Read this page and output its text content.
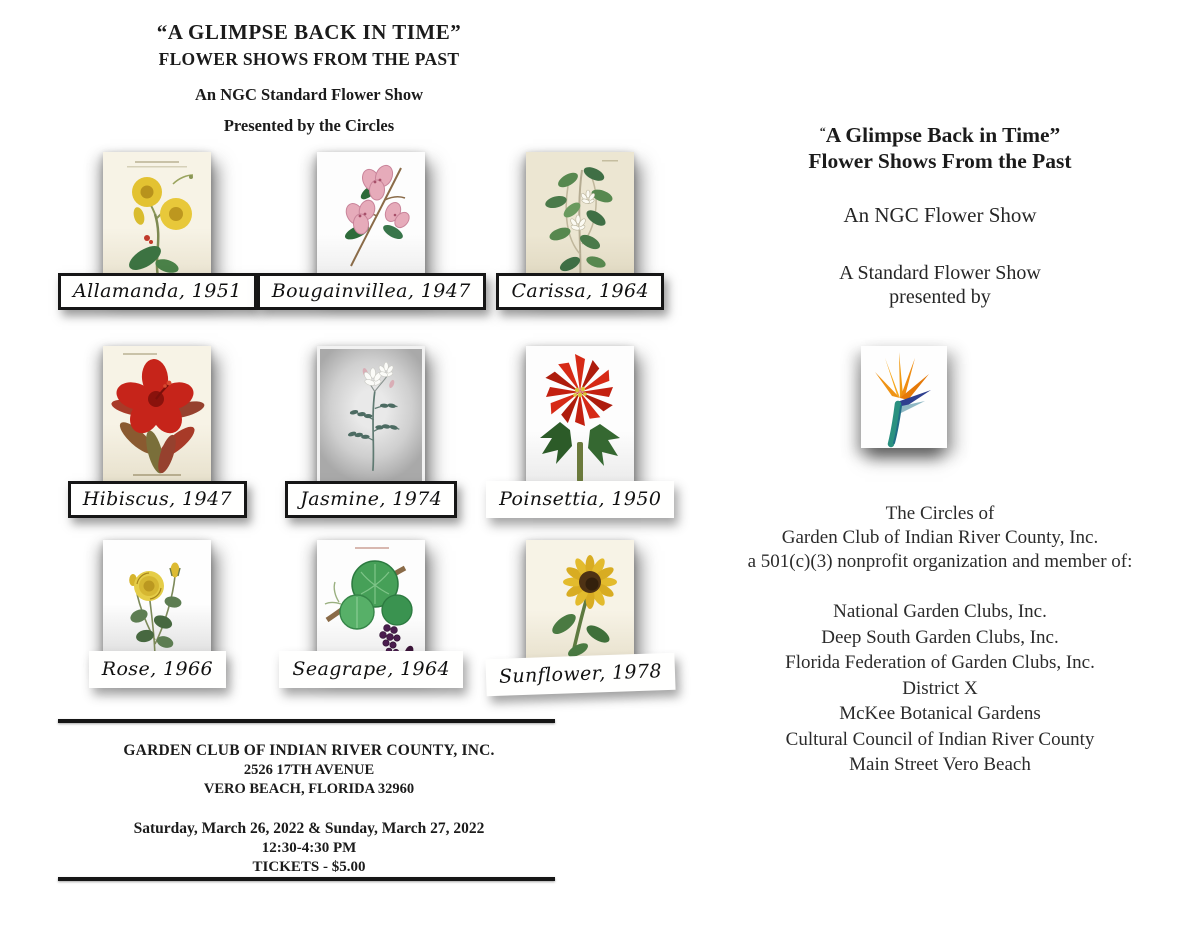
“A GLIMPSE BACK IN TIME”
FLOWER SHOWS FROM THE PAST
An NGC Standard Flower Show
Presented by the Circles
Allamanda, 1951	Bougainvillea, 1947	Carissa, 1964
Hibiscus, 1947	Jasmine, 1974	Poinsettia, 1950
Rose, 1966	Seagrape, 1964	Sunflower, 1978
GARDEN CLUB OF INDIAN RIVER COUNTY, INC.
2526 17TH AVENUE
VERO BEACH, FLORIDA 32960
Saturday, March 26, 2022 & Sunday, March 27, 2022
12:30-4:30 PM
TICKETS - $5.00
“A Glimpse Back in Time”
Flower Shows From the Past
An NGC Flower Show
A Standard Flower Show
presented by
The Circles of
Garden Club of Indian River County, Inc.
a 501(c)(3) nonprofit organization and member of:
National Garden Clubs, Inc.
Deep South Garden Clubs, Inc.
Florida Federation of Garden Clubs, Inc.
District X
McKee Botanical Gardens
Cultural Council of Indian River County
Main Street Vero Beach
